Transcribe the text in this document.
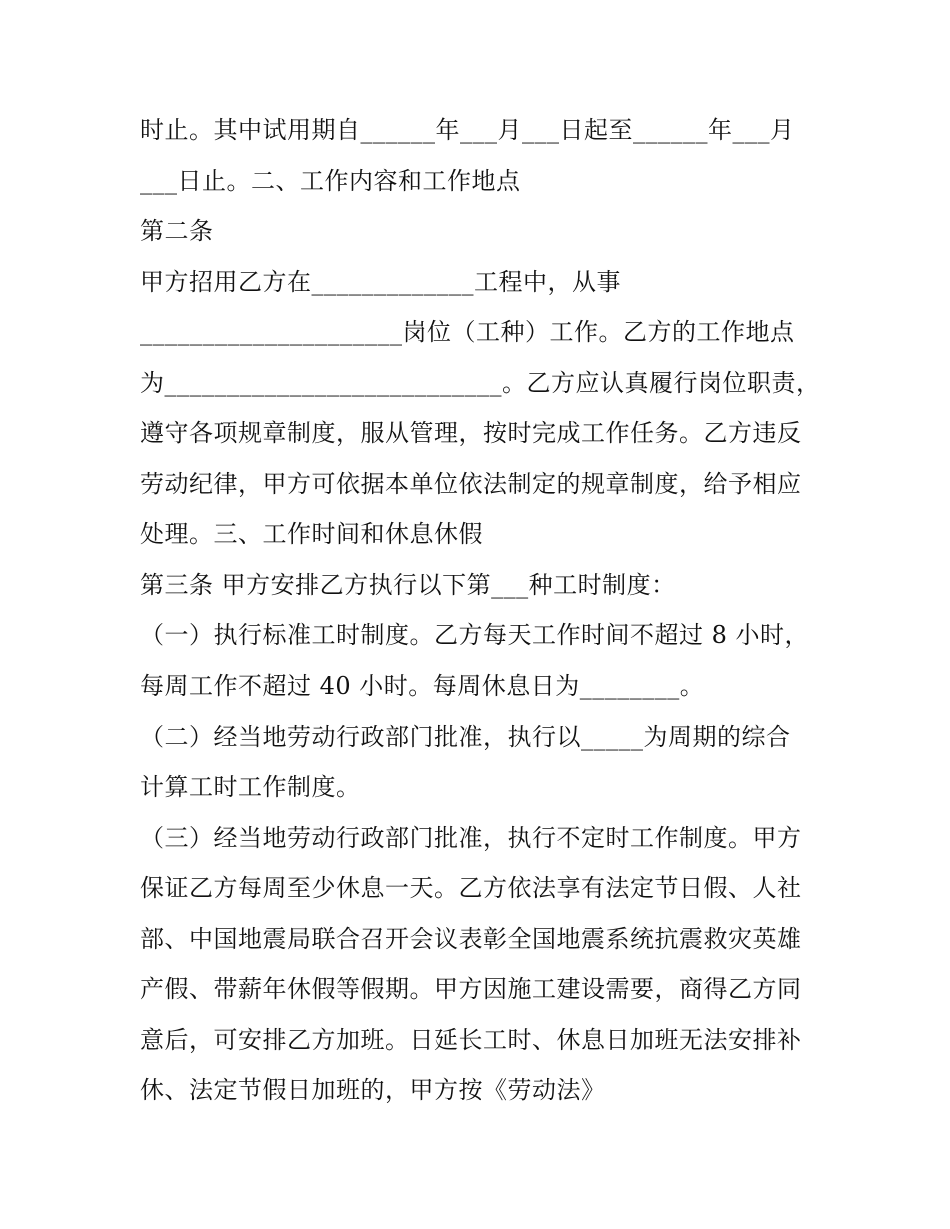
时止。其中试用期自______年___月___日起至______年___月
___日止。二、工作内容和工作地点
第二条
甲方招用乙方在_____________工程中，从事
_____________________岗位（工种）工作。乙方的工作地点
为___________________________。乙方应认真履行岗位职责，
遵守各项规章制度，服从管理，按时完成工作任务。乙方违反
劳动纪律，甲方可依据本单位依法制定的规章制度，给予相应
处理。三、工作时间和休息休假
第三条 甲方安排乙方执行以下第___种工时制度：
（一）执行标准工时制度。乙方每天工作时间不超过 8 小时，
每周工作不超过 40 小时。每周休息日为________。
（二）经当地劳动行政部门批准，执行以_____为周期的综合
计算工时工作制度。
（三）经当地劳动行政部门批准，执行不定时工作制度。甲方
保证乙方每周至少休息一天。乙方依法享有法定节日假、人社
部、中国地震局联合召开会议表彰全国地震系统抗震救灾英雄
产假、带薪年休假等假期。甲方因施工建设需要，商得乙方同
意后，可安排乙方加班。日延长工时、休息日加班无法安排补
休、法定节假日加班的，甲方按《劳动法》
